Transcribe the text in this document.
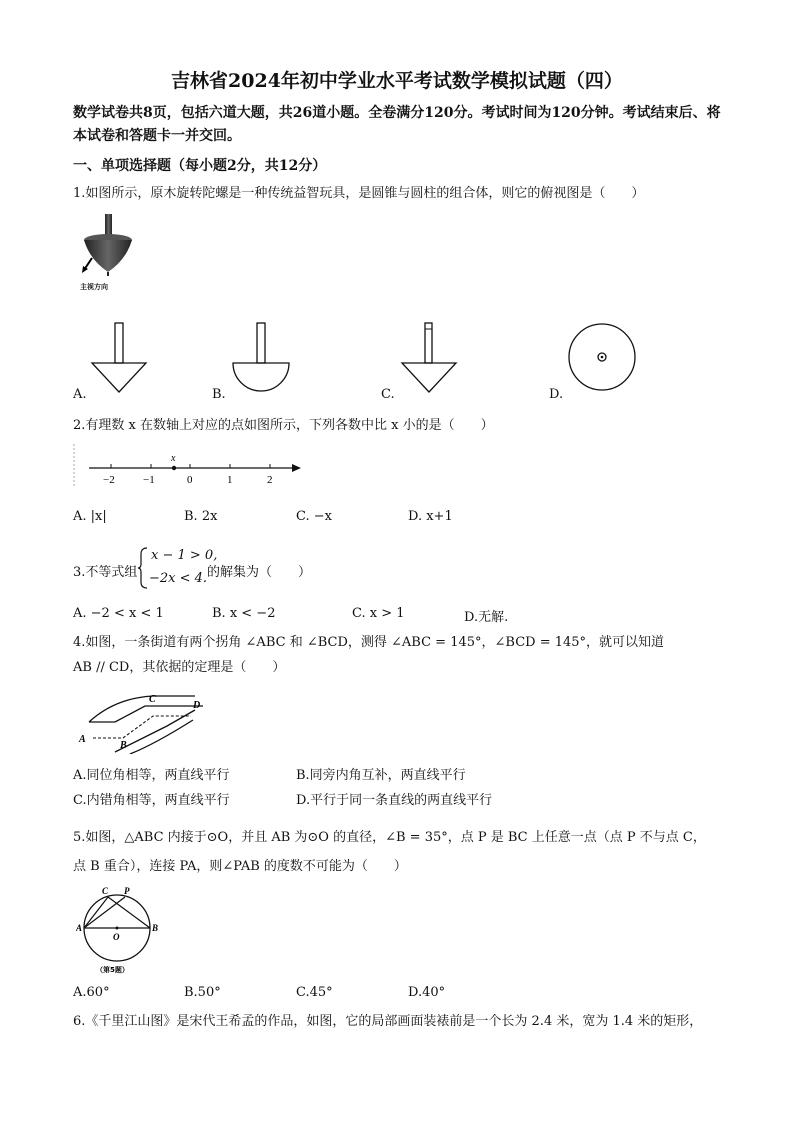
吉林省2024年初中学业水平考试数学模拟试题（四）
数学试卷共8页，包括六道大题，共26道小题。全卷满分120分。考试时间为120分钟。考试结束后、将本试卷和答题卡一并交回。
一、单项选择题（每小题2分，共12分）
1.如图所示，原木旋转陀螺是一种传统益智玩具，是圆锥与圆柱的组合体，则它的俯视图是（　　）
主视方向
A.	B.	C.	D.
2.有理数 x 在数轴上对应的点如图所示，下列各数中比 x 小的是（　　）
x
−2	−1	0	1	2
A. |x|	B. 2x	C. −x	D. x+1
3.不等式组
x − 1 > 0,
−2x < 4. 的解集为（　　）
A. −2 < x < 1	B. x < −2	C. x > 1	D.无解.
4.如图，一条街道有两个拐角 ∠ABC 和 ∠BCD，测得 ∠ABC = 145°，∠BCD = 145°，就可以知道
AB // CD，其依据的定理是（　　）
A
B
C
D
A.同位角相等，两直线平行	B.同旁内角互补，两直线平行
C.内错角相等，两直线平行	D.平行于同一条直线的两直线平行
5.如图，△ABC 内接于⊙O，并且 AB 为⊙O 的直径，∠B = 35°，点 P 是 BC 上任意一点（点 P 不与点 C，
点 B 重合），连接 PA，则∠PAB 的度数不可能为（　　）
A	B
C P
O
（第5题）
A.60°	B.50°	C.45°	D.40°
6.《千里江山图》是宋代王希孟的作品，如图，它的局部画面装裱前是一个长为 2.4 米，宽为 1.4 米的矩形，
